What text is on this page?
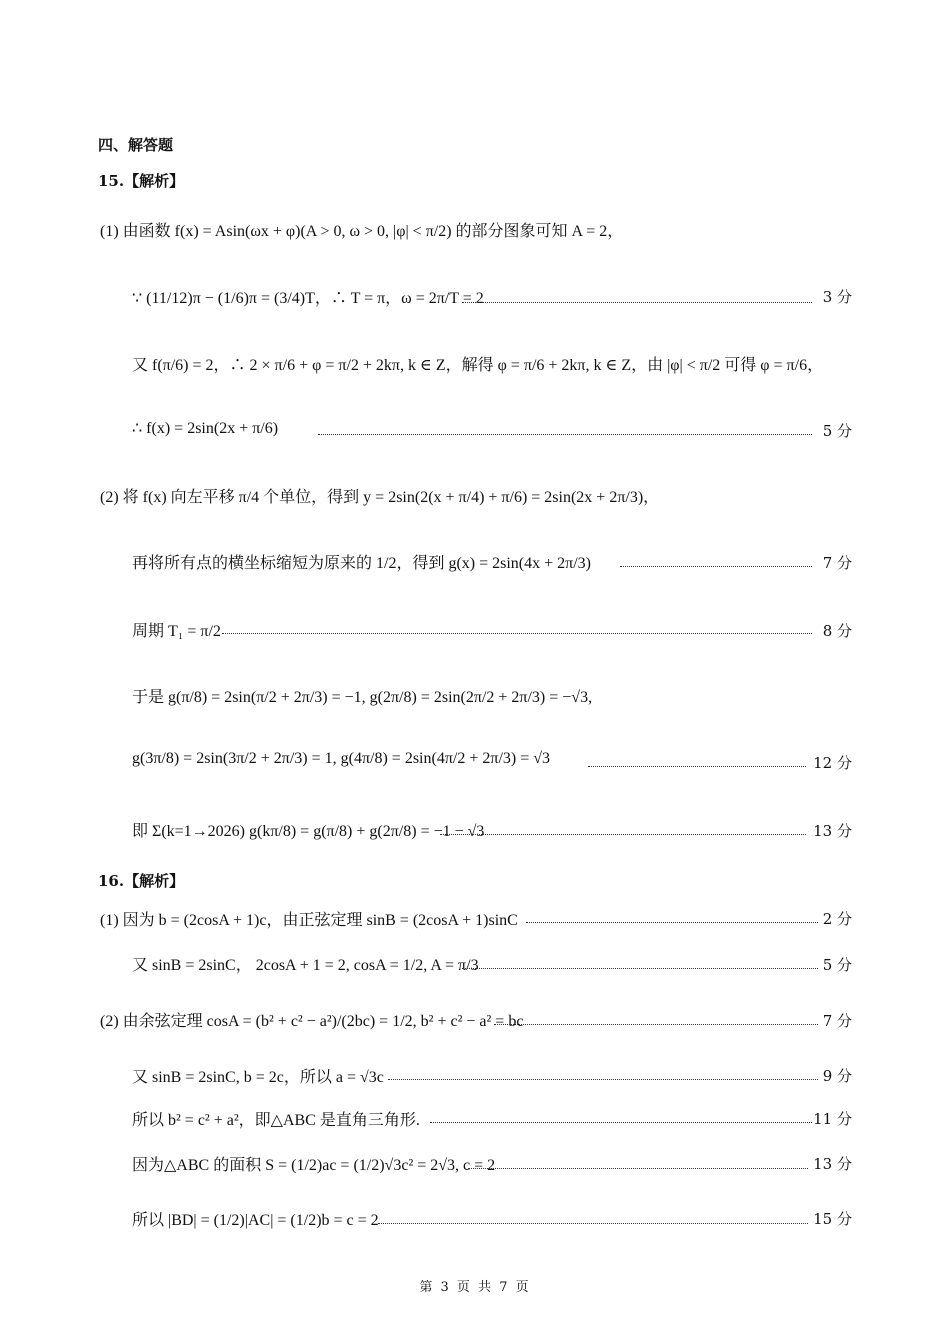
四、解答题
15.【解析】
(1) 由函数 f(x) = Asin(ωx + φ)(A > 0, ω > 0, |φ| < π/2) 的部分图象可知 A = 2，
∵ (11/12)π − (1/6)π = (3/4)T，∴ T = π，ω = 2π/T = 2	3 分
又 f(π/6) = 2，∴ 2 × π/6 + φ = π/2 + 2kπ, k ∈ Z，解得 φ = π/6 + 2kπ, k ∈ Z，由 |φ| < π/2 可得 φ = π/6，
∴ f(x) = 2sin(2x + π/6)	5 分
(2) 将 f(x) 向左平移 π/4 个单位，得到 y = 2sin(2(x + π/4) + π/6) = 2sin(2x + 2π/3)，
再将所有点的横坐标缩短为原来的 1/2，得到 g(x) = 2sin(4x + 2π/3)	7 分
周期 T₁ = π/2	8 分
于是 g(π/8) = 2sin(π/2 + 2π/3) = −1, g(2π/8) = 2sin(2π/2 + 2π/3) = −√3,
g(3π/8) = 2sin(3π/2 + 2π/3) = 1, g(4π/8) = 2sin(4π/2 + 2π/3) = √3	12 分
即 Σ(k=1→2026) g(kπ/8) = g(π/8) + g(2π/8) = −1 − √3	13 分
16.【解析】
(1) 因为 b = (2cosA + 1)c，由正弦定理 sinB = (2cosA + 1)sinC	2 分
又 sinB = 2sinC， 2cosA + 1 = 2, cosA = 1/2, A = π/3	5 分
(2) 由余弦定理 cosA = (b² + c² − a²)/(2bc) = 1/2, b² + c² − a² = bc	7 分
又 sinB = 2sinC, b = 2c，所以 a = √3c	9 分
所以 b² = c² + a²，即△ABC 是直角三角形.	11 分
因为△ABC 的面积 S = (1/2)ac = (1/2)√3c² = 2√3, c = 2	13 分
所以 |BD| = (1/2)|AC| = (1/2)b = c = 2	15 分
第 3 页 共 7 页
